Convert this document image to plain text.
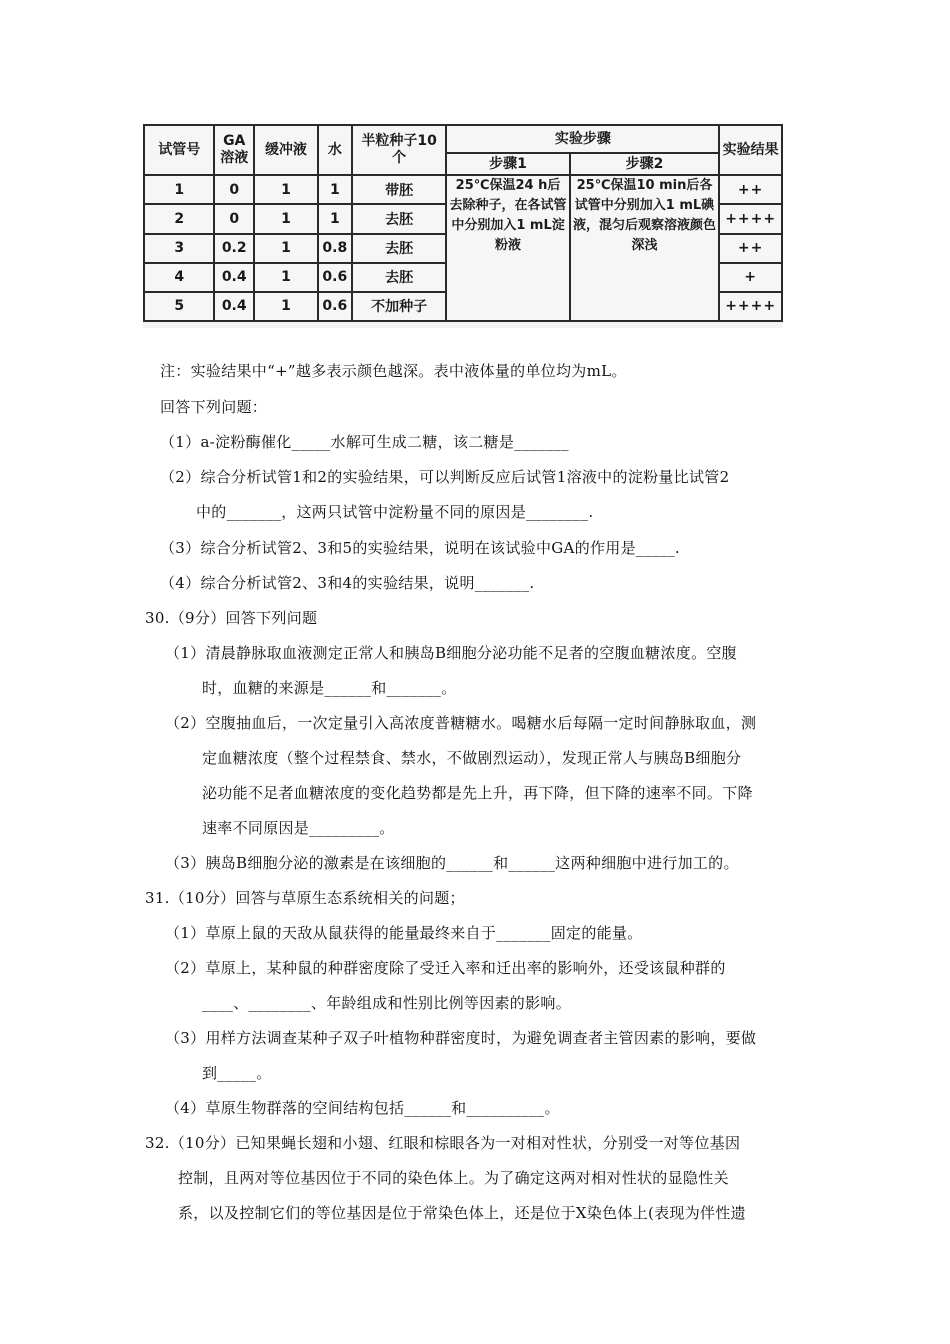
试管号	GA溶液	缓冲液	水	半粒种子10个	实验步骤		实验结果
					步骤1	步骤2	
1	0	1	1	带胚	25℃保温24 h后去除种子，在各试管中分别加入1 mL淀粉液	25℃保温10 min后各试管中分别加入1 mL碘液，混匀后观察溶液颜色深浅	++
2	0	1	1	去胚			++++
3	0.2	1	0.8	去胚			++
4	0.4	1	0.6	去胚			+
5	0.4	1	0.6	不加种子			++++
注：实验结果中“+”越多表示颜色越深。表中液体量的单位均为mL。
回答下列问题：
（1）a-淀粉酶催化_____水解可生成二糖，该二糖是_______
（2）综合分析试管1和2的实验结果，可以判断反应后试管1溶液中的淀粉量比试管2
中的_______，这两只试管中淀粉量不同的原因是________.
（3）综合分析试管2、3和5的实验结果，说明在该试验中GA的作用是_____.
（4）综合分析试管2、3和4的实验结果，说明_______.
30.（9分）回答下列问题
（1）清晨静脉取血液测定正常人和胰岛B细胞分泌功能不足者的空腹血糖浓度。空腹
时，血糖的来源是______和_______。
（2）空腹抽血后，一次定量引入高浓度普糖糖水。喝糖水后每隔一定时间静脉取血，测
定血糖浓度（整个过程禁食、禁水，不做剧烈运动），发现正常人与胰岛B细胞分
泌功能不足者血糖浓度的变化趋势都是先上升，再下降，但下降的速率不同。下降
速率不同原因是_________。
（3）胰岛B细胞分泌的激素是在该细胞的______和______这两种细胞中进行加工的。
31.（10分）回答与草原生态系统相关的问题；
（1）草原上鼠的天敌从鼠获得的能量最终来自于_______固定的能量。
（2）草原上，某种鼠的种群密度除了受迁入率和迁出率的影响外，还受该鼠种群的
____、________、年龄组成和性别比例等因素的影响。
（3）用样方法调查某种子双子叶植物种群密度时，为避免调查者主管因素的影响，要做
到_____。
（4）草原生物群落的空间结构包括______和__________。
32.（10分）已知果蝇长翅和小翅、红眼和棕眼各为一对相对性状，分别受一对等位基因
控制，且两对等位基因位于不同的染色体上。为了确定这两对相对性状的显隐性关
系，以及控制它们的等位基因是位于常染色体上，还是位于X染色体上(表现为伴性遗
